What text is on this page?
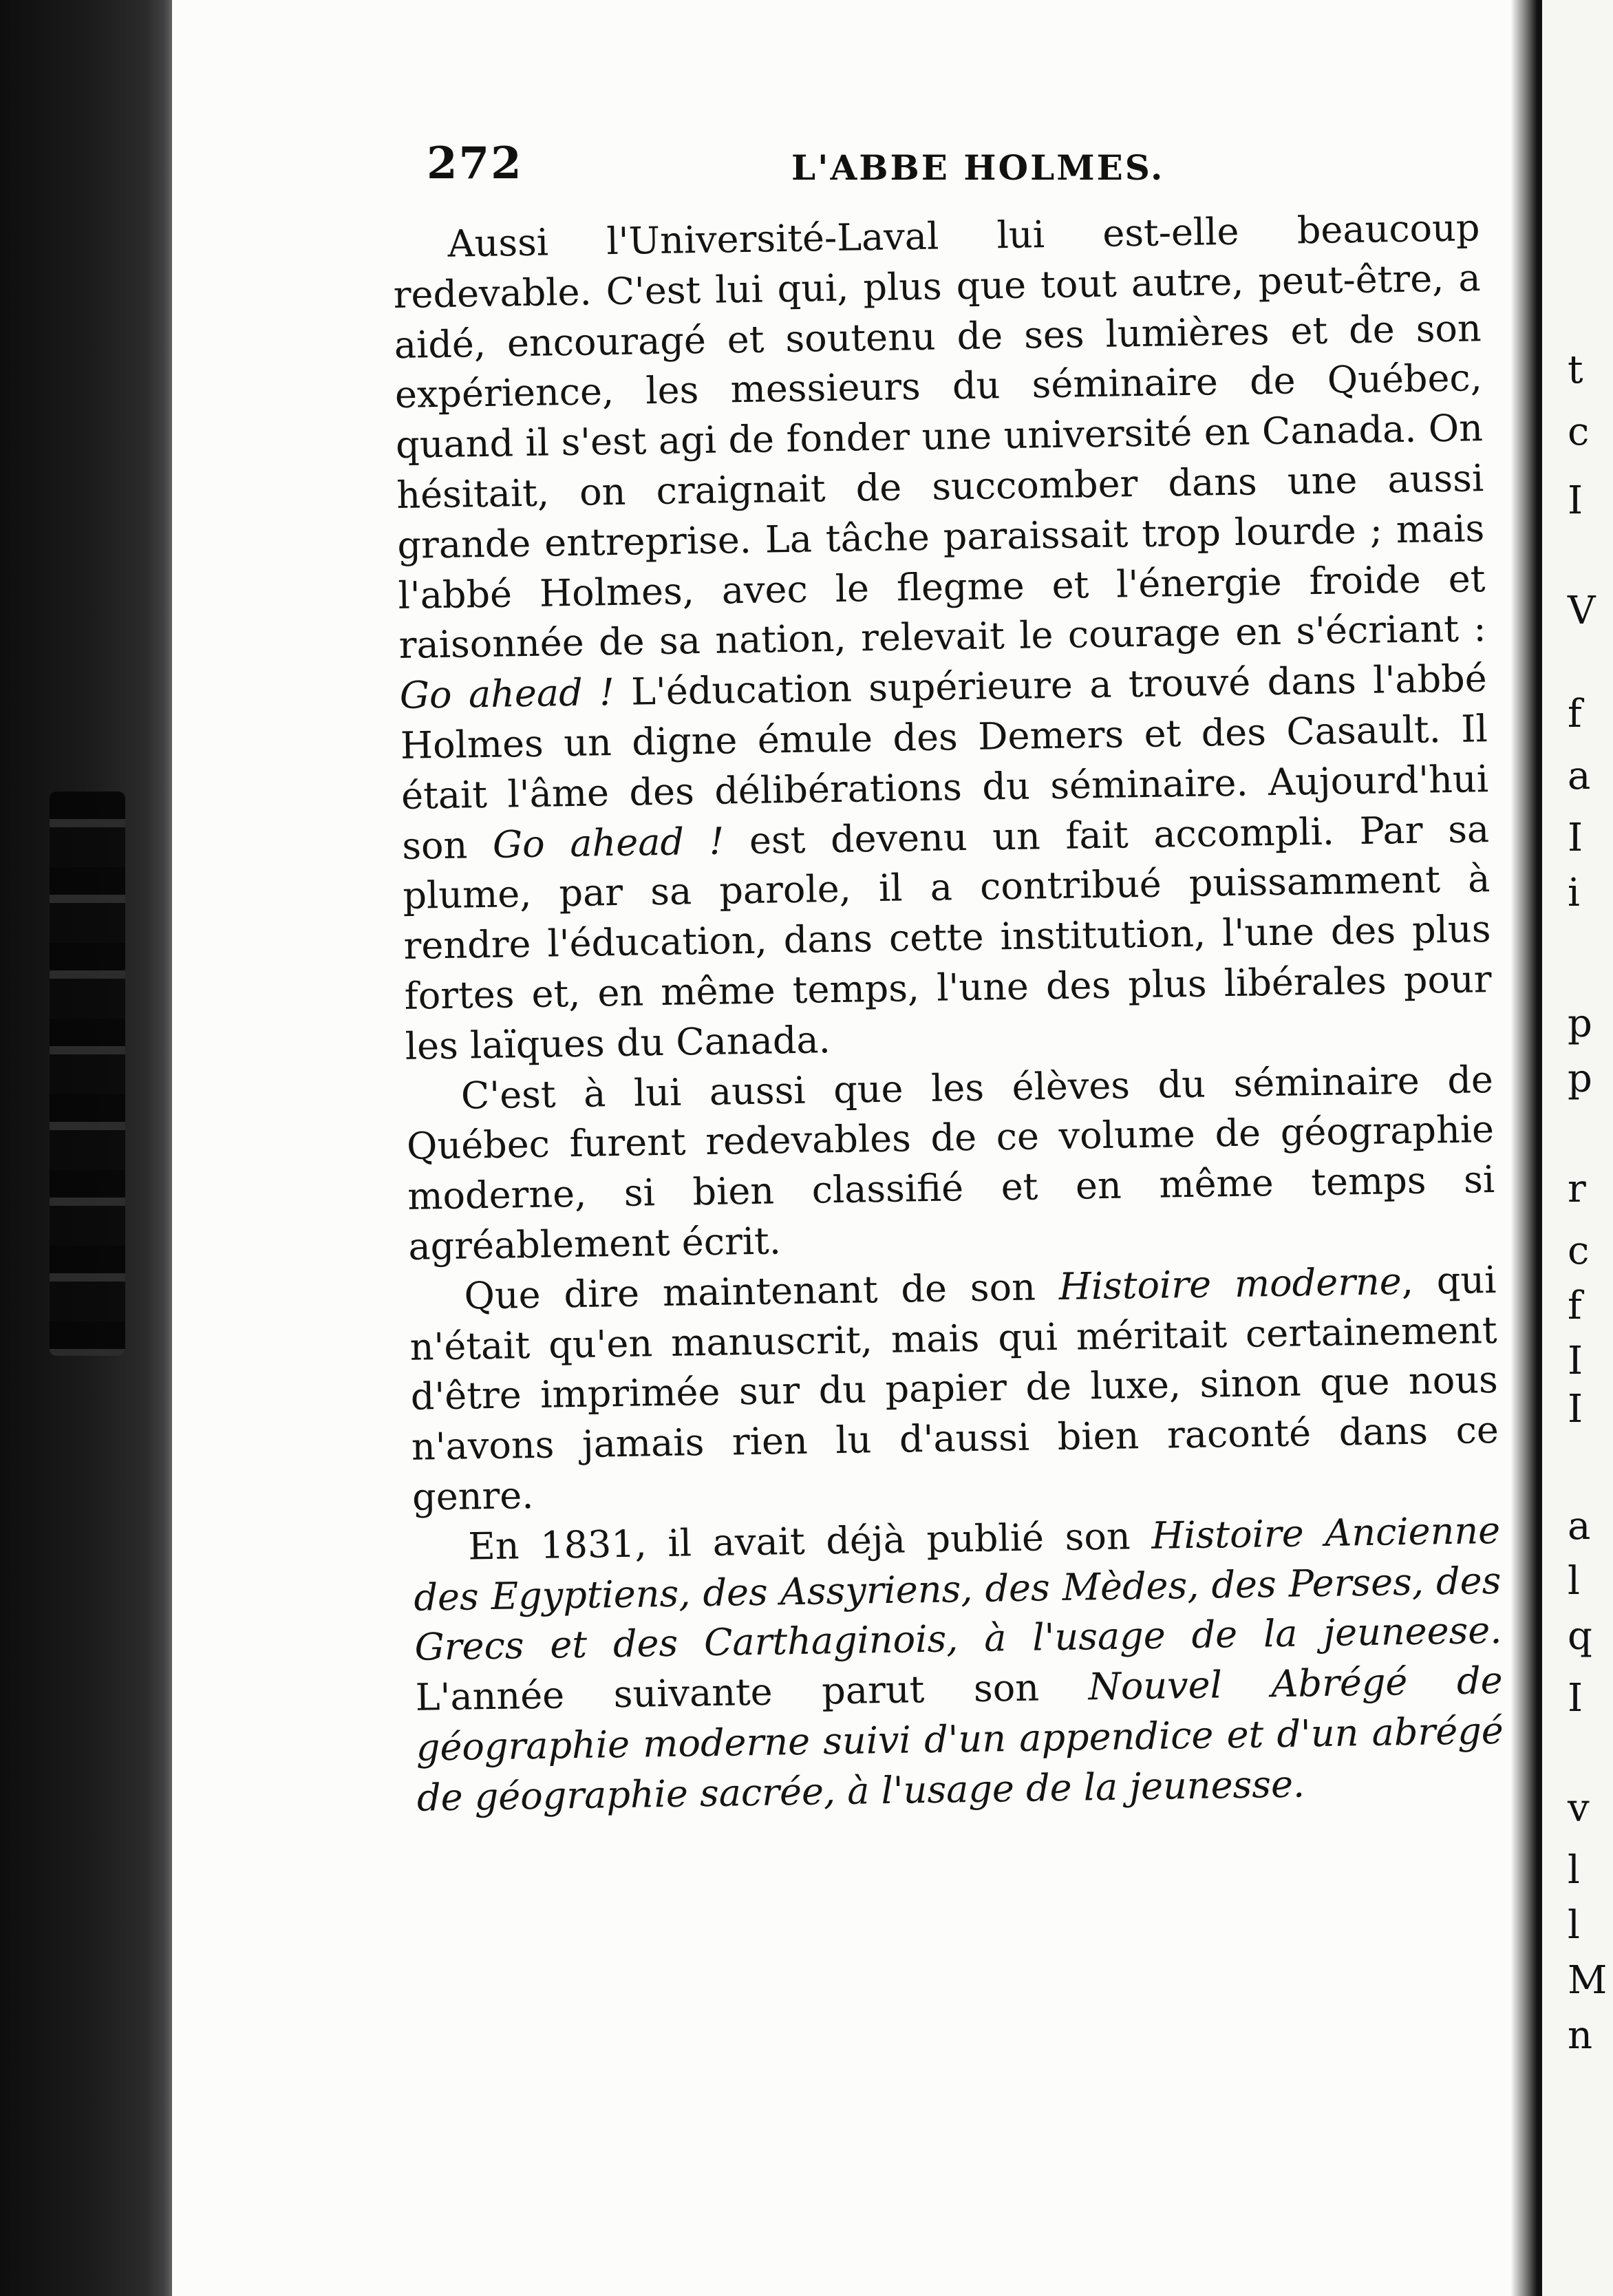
272	L'ABBE HOLMES.

Aussi l'Université-Laval lui est-elle beaucoup redevable. C'est lui qui, plus que tout autre, peut-être, a aidé, encouragé et soutenu de ses lumières et de son expérience, les messieurs du séminaire de Québec, quand il s'est agi de fonder une université en Canada. On hésitait, on craignait de succomber dans une aussi grande entreprise. La tâche paraissait trop lourde ; mais l'abbé Holmes, avec le flegme et l'énergie froide et raisonnée de sa nation, relevait le courage en s'écriant : Go ahead ! L'éducation supérieure a trouvé dans l'abbé Holmes un digne émule des Demers et des Casault. Il était l'âme des délibérations du séminaire. Aujourd'hui son Go ahead ! est devenu un fait accompli. Par sa plume, par sa parole, il a contribué puissamment à rendre l'éducation, dans cette institution, l'une des plus fortes et, en même temps, l'une des plus libérales pour les laïques du Canada.

C'est à lui aussi que les élèves du séminaire de Québec furent redevables de ce volume de géographie moderne, si bien classifié et en même temps si agréablement écrit.

Que dire maintenant de son Histoire moderne, qui n'était qu'en manuscrit, mais qui méritait certainement d'être imprimée sur du papier de luxe, sinon que nous n'avons jamais rien lu d'aussi bien raconté dans ce genre.

En 1831, il avait déjà publié son Histoire Ancienne des Egyptiens, des Assyriens, des Mèdes, des Perses, des Grecs et des Carthaginois, à l'usage de la jeuneese. L'année suivante parut son Nouvel Abrégé de géographie moderne suivi d'un appendice et d'un abrégé de géographie sacrée, à l'usage de la jeunesse.

t
c
I
V
f
a
I
i
p
p
r
c
f
I
I
a
l
q
I
v
l
l
M
n
